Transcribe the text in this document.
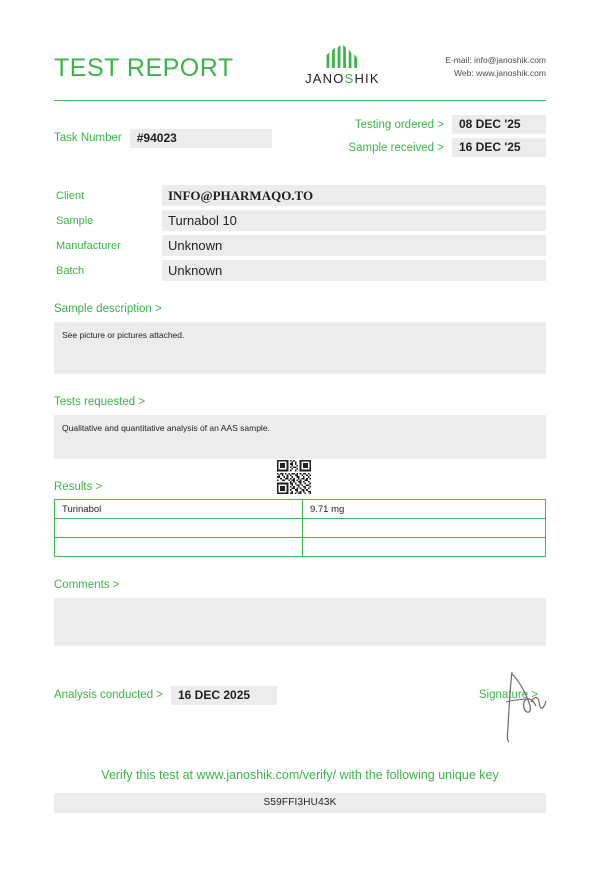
TEST REPORT	JANOSHIK
E-mail: info@janoshik.com
Web: www.janoshik.com
Task Number	#94023
Testing ordered >	08 DEC '25
Sample received >	16 DEC '25
Client	INFO@PHARMAQO.TO
Sample	Turnabol 10
Manufacturer	Unknown
Batch	Unknown
Sample description >
See picture or pictures attached.
Tests requested >
Qualitative and quantitative analysis of an AAS sample.
Results >
Turinabol	9.71 mg

Comments >
Analysis conducted >	16 DEC 2025	Signature >
Verify this test at www.janoshik.com/verify/ with the following unique key
S59FFI3HU43K
